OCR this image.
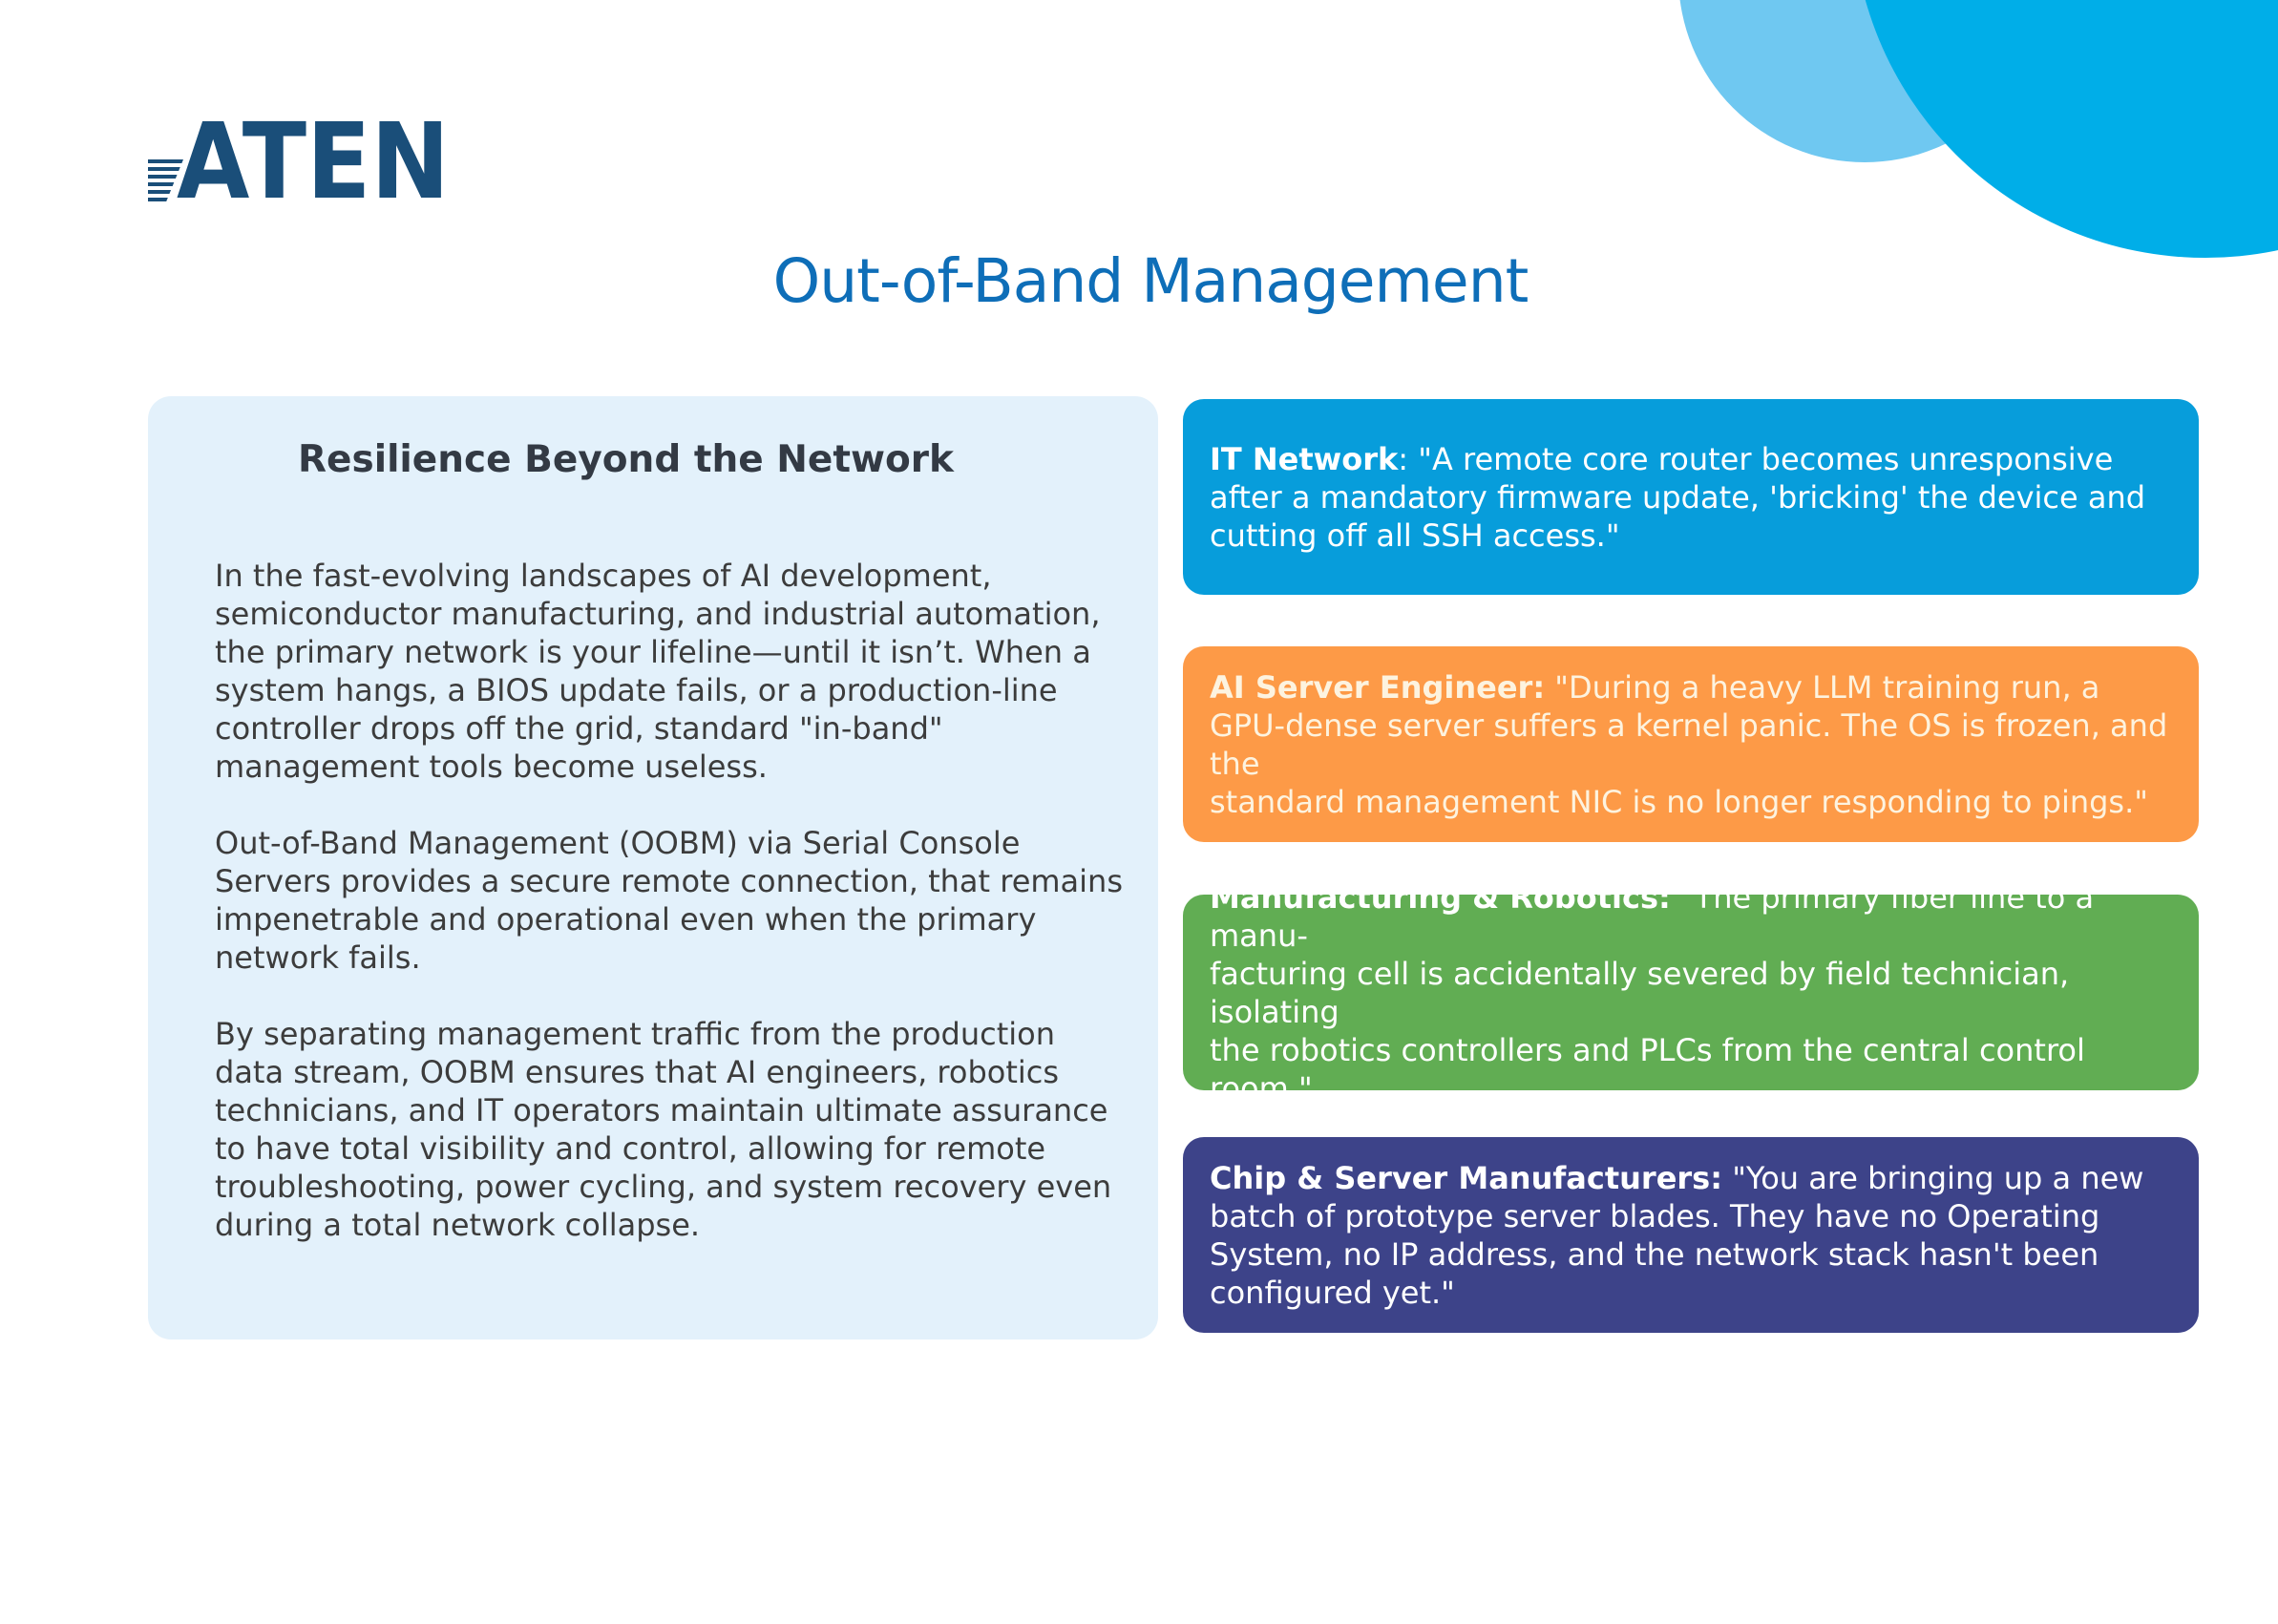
ATEN
Out-of-Band Management
Resilience Beyond the Network

In the fast-evolving landscapes of AI development,
semiconductor manufacturing, and industrial automation,
the primary network is your lifeline—until it isn’t. When a
system hangs, a BIOS update fails, or a production-line
controller drops off the grid, standard "in-band"
management tools become useless.

Out-of-Band Management (OOBM) via Serial Console
Servers provides a secure remote connection, that remains
impenetrable and operational even when the primary
network fails.

By separating management traffic from the production
data stream, OOBM ensures that AI engineers, robotics
technicians, and IT operators maintain ultimate assurance
to have total visibility and control, allowing for remote
troubleshooting, power cycling, and system recovery even
during a total network collapse.

IT Network: "A remote core router becomes unresponsive
after a mandatory firmware update, 'bricking' the device and
cutting off all SSH access."
AI Server Engineer: "During a heavy LLM training run, a
GPU-dense server suffers a kernel panic. The OS is frozen, and the
standard management NIC is no longer responding to pings."
Manufacturing & Robotics: "The primary fiber line to a manu-
facturing cell is accidentally severed by field technician, isolating
the robotics controllers and PLCs from the central control room."
Chip & Server Manufacturers: "You are bringing up a new
batch of prototype server blades. They have no Operating
System, no IP address, and the network stack hasn't been
configured yet."
